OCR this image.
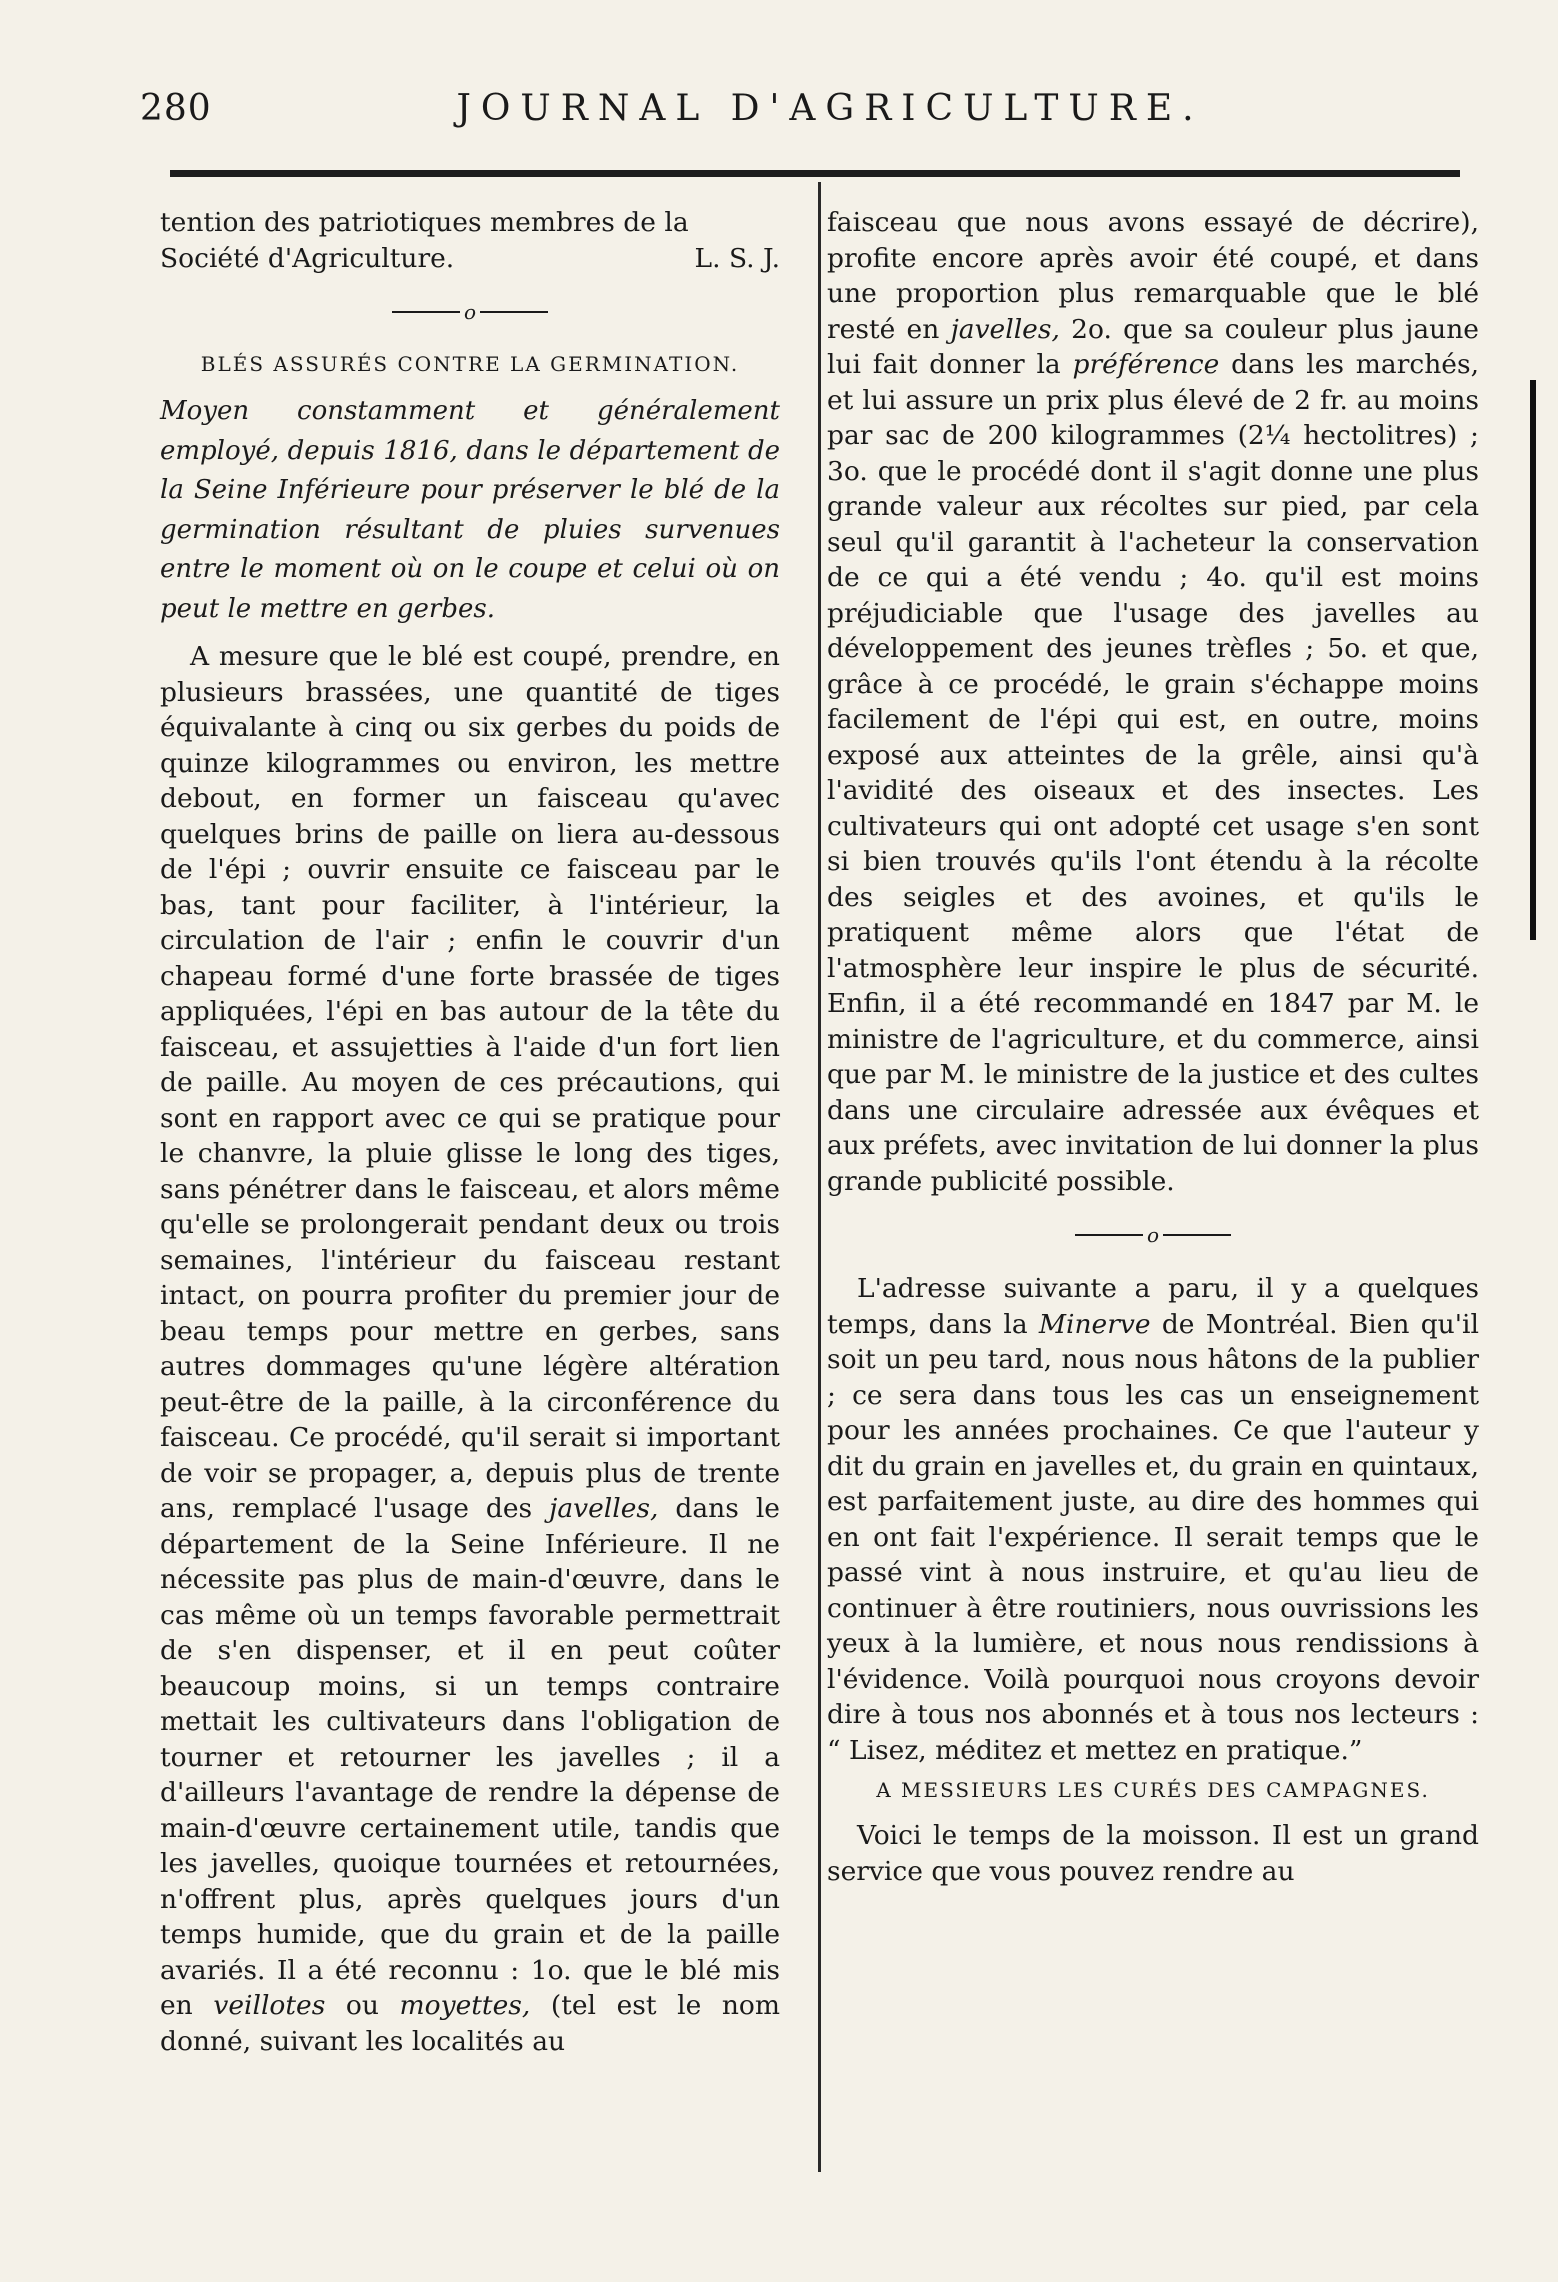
280	JOURNAL D'AGRICULTURE.

tention des patriotiques membres de la

Société d'Agriculture.	L. S. J.
o
BLÉS ASSURÉS CONTRE LA GERMINATION.

Moyen constamment et généralement employé, depuis 1816, dans le département de la Seine Inférieure pour préserver le blé de la germination résultant de pluies survenues entre le moment où on le coupe et celui où on peut le mettre en gerbes.

A mesure que le blé est coupé, prendre, en plusieurs brassées, une quantité de tiges équivalante à cinq ou six gerbes du poids de quinze kilogrammes ou environ, les mettre debout, en former un faisceau qu'avec quelques brins de paille on liera au-dessous de l'épi ; ouvrir ensuite ce faisceau par le bas, tant pour faciliter, à l'intérieur, la circulation de l'air ; enfin le couvrir d'un chapeau formé d'une forte brassée de tiges appliquées, l'épi en bas autour de la tête du faisceau, et assujetties à l'aide d'un fort lien de paille. Au moyen de ces précautions, qui sont en rapport avec ce qui se pratique pour le chanvre, la pluie glisse le long des tiges, sans pénétrer dans le faisceau, et alors même qu'elle se prolongerait pendant deux ou trois semaines, l'intérieur du faisceau restant intact, on pourra profiter du premier jour de beau temps pour mettre en gerbes, sans autres dommages qu'une légère altération peut-être de la paille, à la circonférence du faisceau. Ce procédé, qu'il serait si important de voir se propager, a, depuis plus de trente ans, remplacé l'usage des javelles, dans le département de la Seine Inférieure. Il ne nécessite pas plus de main-d'œuvre, dans le cas même où un temps favorable permettrait de s'en dispenser, et il en peut coûter beaucoup moins, si un temps contraire mettait les cultivateurs dans l'obligation de tourner et retourner les javelles ; il a d'ailleurs l'avantage de rendre la dépense de main-d'œuvre certainement utile, tandis que les javelles, quoique tournées et retournées, n'offrent plus, après quelques jours d'un temps humide, que du grain et de la paille avariés. Il a été reconnu : 1o. que le blé mis en veillotes ou moyettes, (tel est le nom donné, suivant les localités au

faisceau que nous avons essayé de décrire), profite encore après avoir été coupé, et dans une proportion plus remarquable que le blé resté en javelles, 2o. que sa couleur plus jaune lui fait donner la préférence dans les marchés, et lui assure un prix plus élevé de 2 fr. au moins par sac de 200 kilogrammes (2¼ hectolitres) ; 3o. que le procédé dont il s'agit donne une plus grande valeur aux récoltes sur pied, par cela seul qu'il garantit à l'acheteur la conservation de ce qui a été vendu ; 4o. qu'il est moins préjudiciable que l'usage des javelles au développement des jeunes trèfles ; 5o. et que, grâce à ce procédé, le grain s'échappe moins facilement de l'épi qui est, en outre, moins exposé aux atteintes de la grêle, ainsi qu'à l'avidité des oiseaux et des insectes. Les cultivateurs qui ont adopté cet usage s'en sont si bien trouvés qu'ils l'ont étendu à la récolte des seigles et des avoines, et qu'ils le pratiquent même alors que l'état de l'atmosphère leur inspire le plus de sécurité. Enfin, il a été recommandé en 1847 par M. le ministre de l'agriculture, et du commerce, ainsi que par M. le ministre de la justice et des cultes dans une circulaire adressée aux évêques et aux préfets, avec invitation de lui donner la plus grande publicité possible.

o

L'adresse suivante a paru, il y a quelques temps, dans la Minerve de Montréal. Bien qu'il soit un peu tard, nous nous hâtons de la publier ; ce sera dans tous les cas un enseignement pour les années prochaines. Ce que l'auteur y dit du grain en javelles et, du grain en quintaux, est parfaitement juste, au dire des hommes qui en ont fait l'expérience. Il serait temps que le passé vint à nous instruire, et qu'au lieu de continuer à être routiniers, nous ouvrissions les yeux à la lumière, et nous nous rendissions à l'évidence. Voilà pourquoi nous croyons devoir dire à tous nos abonnés et à tous nos lecteurs : “ Lisez, méditez et mettez en pratique.”

A MESSIEURS LES CURÉS DES CAMPAGNES.

Voici le temps de la moisson. Il est un grand service que vous pouvez rendre au
